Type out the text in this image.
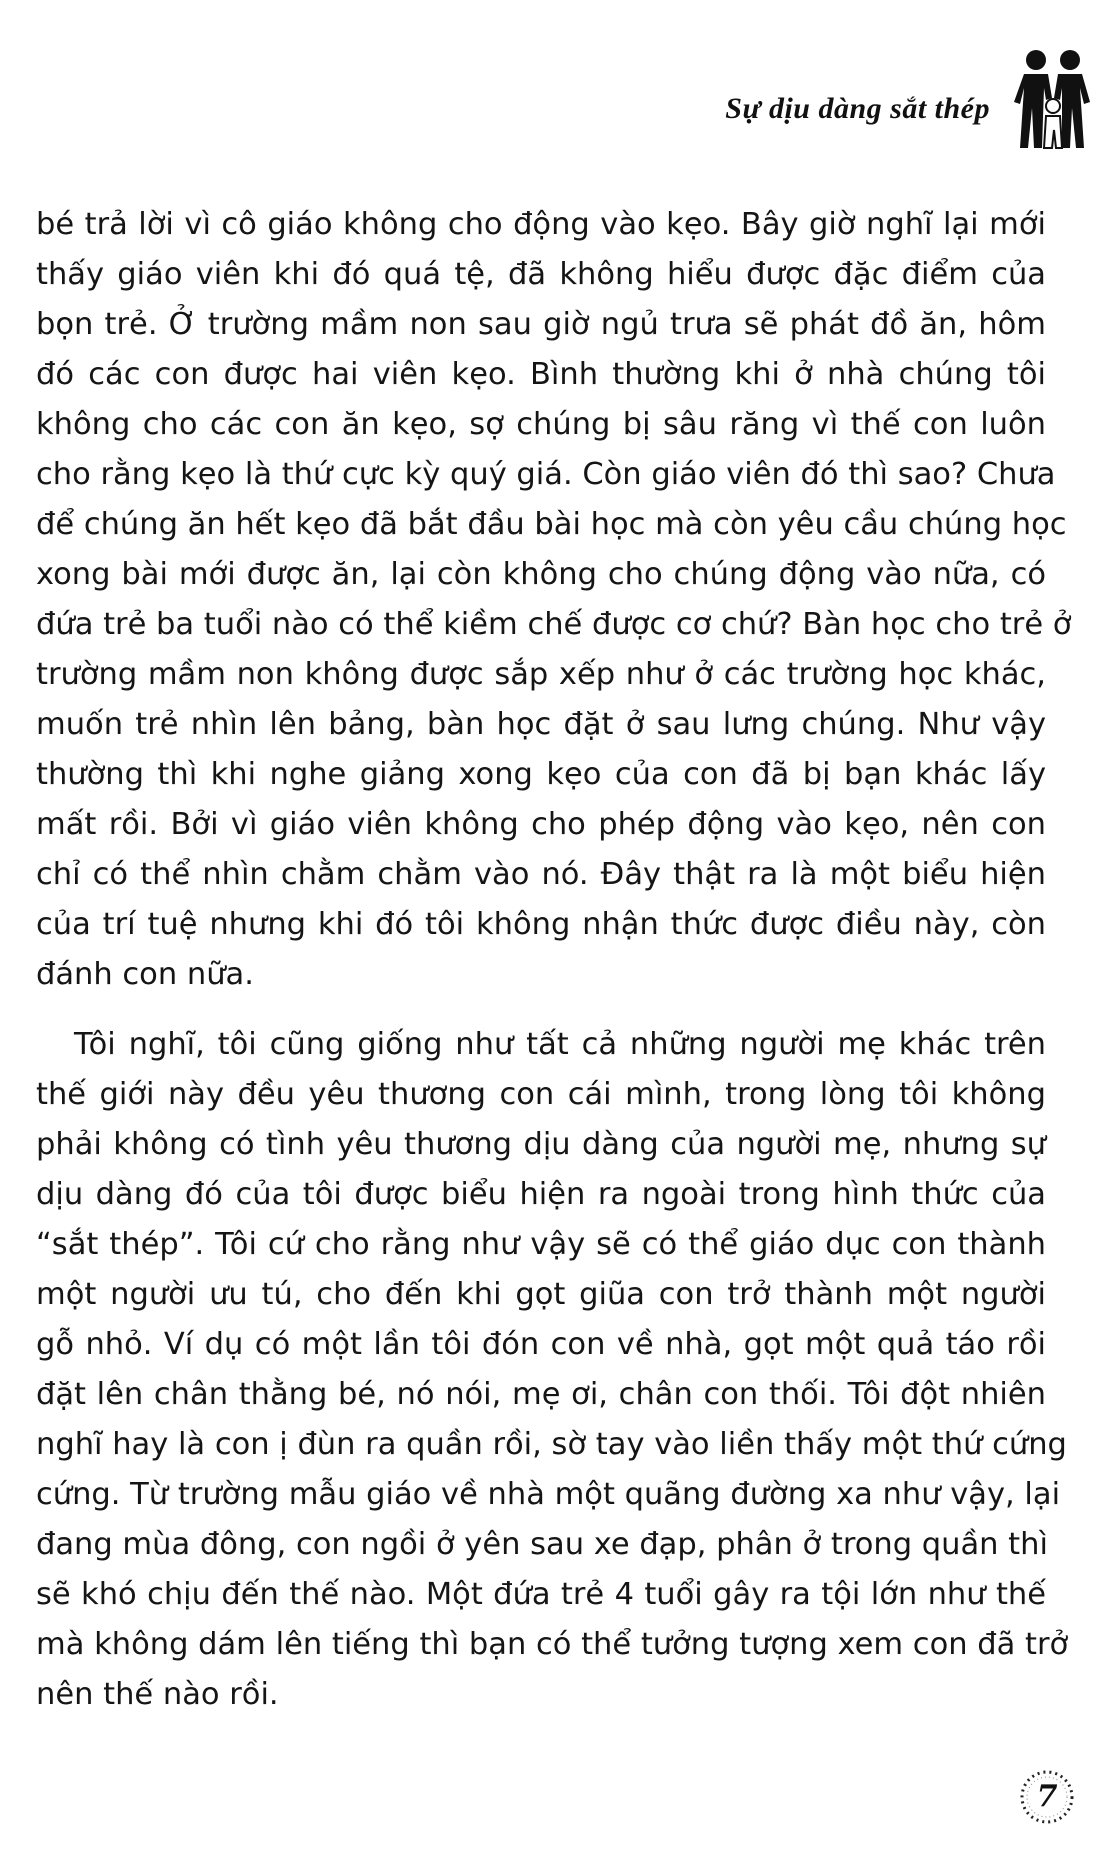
Sự dịu dàng sắt thép
bé trả lời vì cô giáo không cho động vào kẹo. Bây giờ nghĩ lại mới
thấy giáo viên khi đó quá tệ, đã không hiểu được đặc điểm của
bọn trẻ. Ở trường mầm non sau giờ ngủ trưa sẽ phát đồ ăn, hôm
đó các con được hai viên kẹo. Bình thường khi ở nhà chúng tôi
không cho các con ăn kẹo, sợ chúng bị sâu răng vì thế con luôn
cho rằng kẹo là thứ cực kỳ quý giá. Còn giáo viên đó thì sao? Chưa
để chúng ăn hết kẹo đã bắt đầu bài học mà còn yêu cầu chúng học
xong bài mới được ăn, lại còn không cho chúng động vào nữa, có
đứa trẻ ba tuổi nào có thể kiềm chế được cơ chứ? Bàn học cho trẻ ở
trường mầm non không được sắp xếp như ở các trường học khác,
muốn trẻ nhìn lên bảng, bàn học đặt ở sau lưng chúng. Như vậy
thường thì khi nghe giảng xong kẹo của con đã bị bạn khác lấy
mất rồi. Bởi vì giáo viên không cho phép động vào kẹo, nên con
chỉ có thể nhìn chằm chằm vào nó. Đây thật ra là một biểu hiện
của trí tuệ nhưng khi đó tôi không nhận thức được điều này, còn
đánh con nữa.
Tôi nghĩ, tôi cũng giống như tất cả những người mẹ khác trên
thế giới này đều yêu thương con cái mình, trong lòng tôi không
phải không có tình yêu thương dịu dàng của người mẹ, nhưng sự
dịu dàng đó của tôi được biểu hiện ra ngoài trong hình thức của
“sắt thép”. Tôi cứ cho rằng như vậy sẽ có thể giáo dục con thành
một người ưu tú, cho đến khi gọt giũa con trở thành một người
gỗ nhỏ. Ví dụ có một lần tôi đón con về nhà, gọt một quả táo rồi
đặt lên chân thằng bé, nó nói, mẹ ơi, chân con thối. Tôi đột nhiên
nghĩ hay là con ị đùn ra quần rồi, sờ tay vào liền thấy một thứ cứng
cứng. Từ trường mẫu giáo về nhà một quãng đường xa như vậy, lại
đang mùa đông, con ngồi ở yên sau xe đạp, phân ở trong quần thì
sẽ khó chịu đến thế nào. Một đứa trẻ 4 tuổi gây ra tội lớn như thế
mà không dám lên tiếng thì bạn có thể tưởng tượng xem con đã trở
nên thế nào rồi.
7
